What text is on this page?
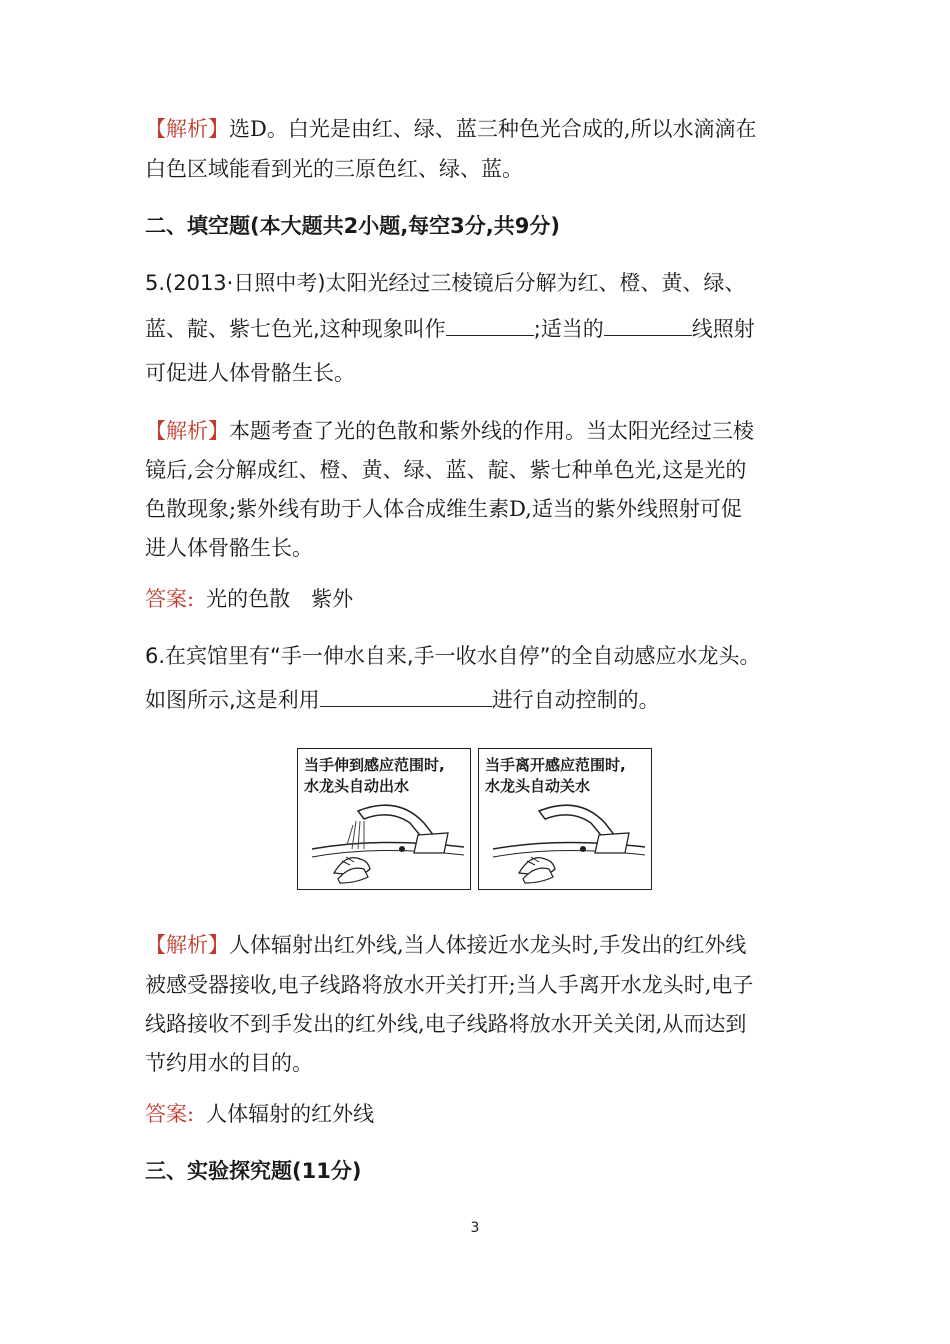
【解析】选D。白光是由红、绿、蓝三种色光合成的,所以水滴滴在
白色区域能看到光的三原色红、绿、蓝。
二、填空题(本大题共2小题,每空3分,共9分)
5.(2013·日照中考)太阳光经过三棱镜后分解为红、橙、黄、绿、
蓝、靛、紫七色光,这种现象叫作	;适当的	线照射
可促进人体骨骼生长。
【解析】本题考查了光的色散和紫外线的作用。当太阳光经过三棱
镜后,会分解成红、橙、黄、绿、蓝、靛、紫七种单色光,这是光的
色散现象;紫外线有助于人体合成维生素D,适当的紫外线照射可促
进人体骨骼生长。
答案: 光的色散　紫外
6.在宾馆里有“手一伸水自来,手一收水自停”的全自动感应水龙头。
如图所示,这是利用	进行自动控制的。
当手伸到感应范围时,
水龙头自动出水
当手离开感应范围时,
水龙头自动关水
【解析】人体辐射出红外线,当人体接近水龙头时,手发出的红外线
被感受器接收,电子线路将放水开关打开;当人手离开水龙头时,电子
线路接收不到手发出的红外线,电子线路将放水开关关闭,从而达到
节约用水的目的。
答案: 人体辐射的红外线
三、实验探究题(11分)
3
